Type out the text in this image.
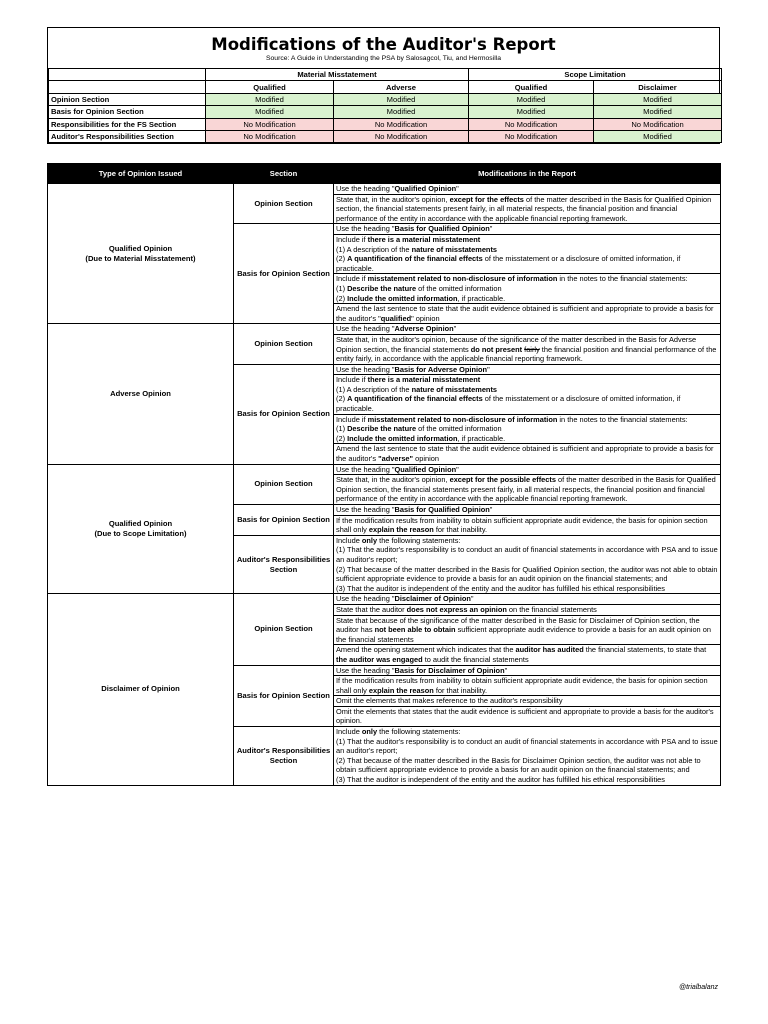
Modifications of the Auditor's Report
Source: A Guide in Understanding the PSA by Salosagcol, Tiu, and Hermosilla
	Material Misstatement		Scope Limitation	
	Qualified	Adverse	Qualified	Disclaimer
Opinion Section	Modified	Modified	Modified	Modified
Basis for Opinion Section	Modified	Modified	Modified	Modified
Responsibilities for the FS Section	No Modification	No Modification	No Modification	No Modification
Auditor's Responsibilities Section	No Modification	No Modification	No Modification	Modified
Type of Opinion Issued	Section	Modifications in the Report
Qualified Opinion
(Due to Material Misstatement)	Opinion Section	Use the heading "Qualified Opinion"
		State that, in the auditor's opinion, except for the effects of the matter described in the Basis for Qualified Opinion section, the financial statements present fairly, in all material respects, the financial position and financial performance of the entity in accordance with the applicable financial reporting framework.
	Basis for Opinion Section	Use the heading "Basis for Qualified Opinion"
		Include if there is a material misstatement
(1) A description of the nature of misstatements
(2) A quantification of the financial effects of the misstatement or a disclosure of omitted information, if practicable.
		Include if misstatement related to non-disclosure of information in the notes to the financial statements:
(1) Describe the nature of the omitted information
(2) Include the omitted information, if practicable.
		Amend the last sentence to state that the audit evidence obtained is sufficient and appropriate to provide a basis for the auditor's "qualified" opinion
Adverse Opinion	Opinion Section	Use the heading "Adverse Opinion"
		State that, in the auditor's opinion, because of the significance of the matter described in the Basis for Adverse Opinion section, the financial statements do not present fairly the financial position and financial performance of the entity fairly, in accordance with the applicable financial reporting framework.
	Basis for Opinion Section	Use the heading "Basis for Adverse Opinion"
		Include if there is a material misstatement
(1) A description of the nature of misstatements
(2) A quantification of the financial effects of the misstatement or a disclosure of omitted information, if practicable.
		Include if misstatement related to non-disclosure of information in the notes to the financial statements:
(1) Describe the nature of the omitted information
(2) Include the omitted information, if practicable.
		Amend the last sentence to state that the audit evidence obtained is sufficient and appropriate to provide a basis for the auditor's "adverse" opinion
Qualified Opinion
(Due to Scope Limitation)	Opinion Section	Use the heading "Qualified Opinion"
		State that, in the auditor's opinion, except for the possible effects of the matter described in the Basis for Qualified Opinion section, the financial statements present fairly, in all material respects, the financial position and financial performance of the entity in accordance with the applicable financial reporting framework.
	Basis for Opinion Section	Use the heading "Basis for Qualified Opinion"
		If the modification results from inability to obtain sufficient appropriate audit evidence, the basis for opinion section shall only explain the reason for that inability.
	Auditor's Responsibilities Section	Include only the following statements:
(1) That the auditor's responsibility is to conduct an audit of financial statements in accordance with PSA and to issue an auditor's report;
(2) That because of the matter described in the Basis for Qualified Opinion section, the auditor was not able to obtain sufficient appropriate evidence to provide a basis for an audit opinion on the financial statements; and
(3) That the auditor is independent of the entity and the auditor has fulfilled his ethical responsibilities
Disclaimer of Opinion	Opinion Section	Use the heading "Disclaimer of Opinion"
		State that the auditor does not express an opinion on the financial statements
		State that because of the significance of the matter described in the Basic for Disclaimer of Opinion section, the auditor has not been able to obtain sufficient appropriate audit evidence to provide a basis for an audit opinion on the financial statements
		Amend the opening statement which indicates that the auditor has audited the financial statements, to state that the auditor was engaged to audit the financial statements
	Basis for Opinion Section	Use the heading "Basis for Disclaimer of Opinion"
		If the modification results from inability to obtain sufficient appropriate audit evidence, the basis for opinion section shall only explain the reason for that inability.
		Omit the elements that makes reference to the auditor's responsibility
		Omit the elements that states that the audit evidence is sufficient and appropriate to provide a basis for the auditor's opinion.
	Auditor's Responsibilities Section	Include only the following statements:
(1) That the auditor's responsibility is to conduct an audit of financial statements in accordance with PSA and to issue an auditor's report;
(2) That because of the matter described in the Basis for Disclaimer Opinion section, the auditor was not able to obtain sufficient appropriate evidence to provide a basis for an audit opinion on the financial statements; and
(3) That the auditor is independent of the entity and the auditor has fulfilled his ethical responsibilities
@trialbalanz
